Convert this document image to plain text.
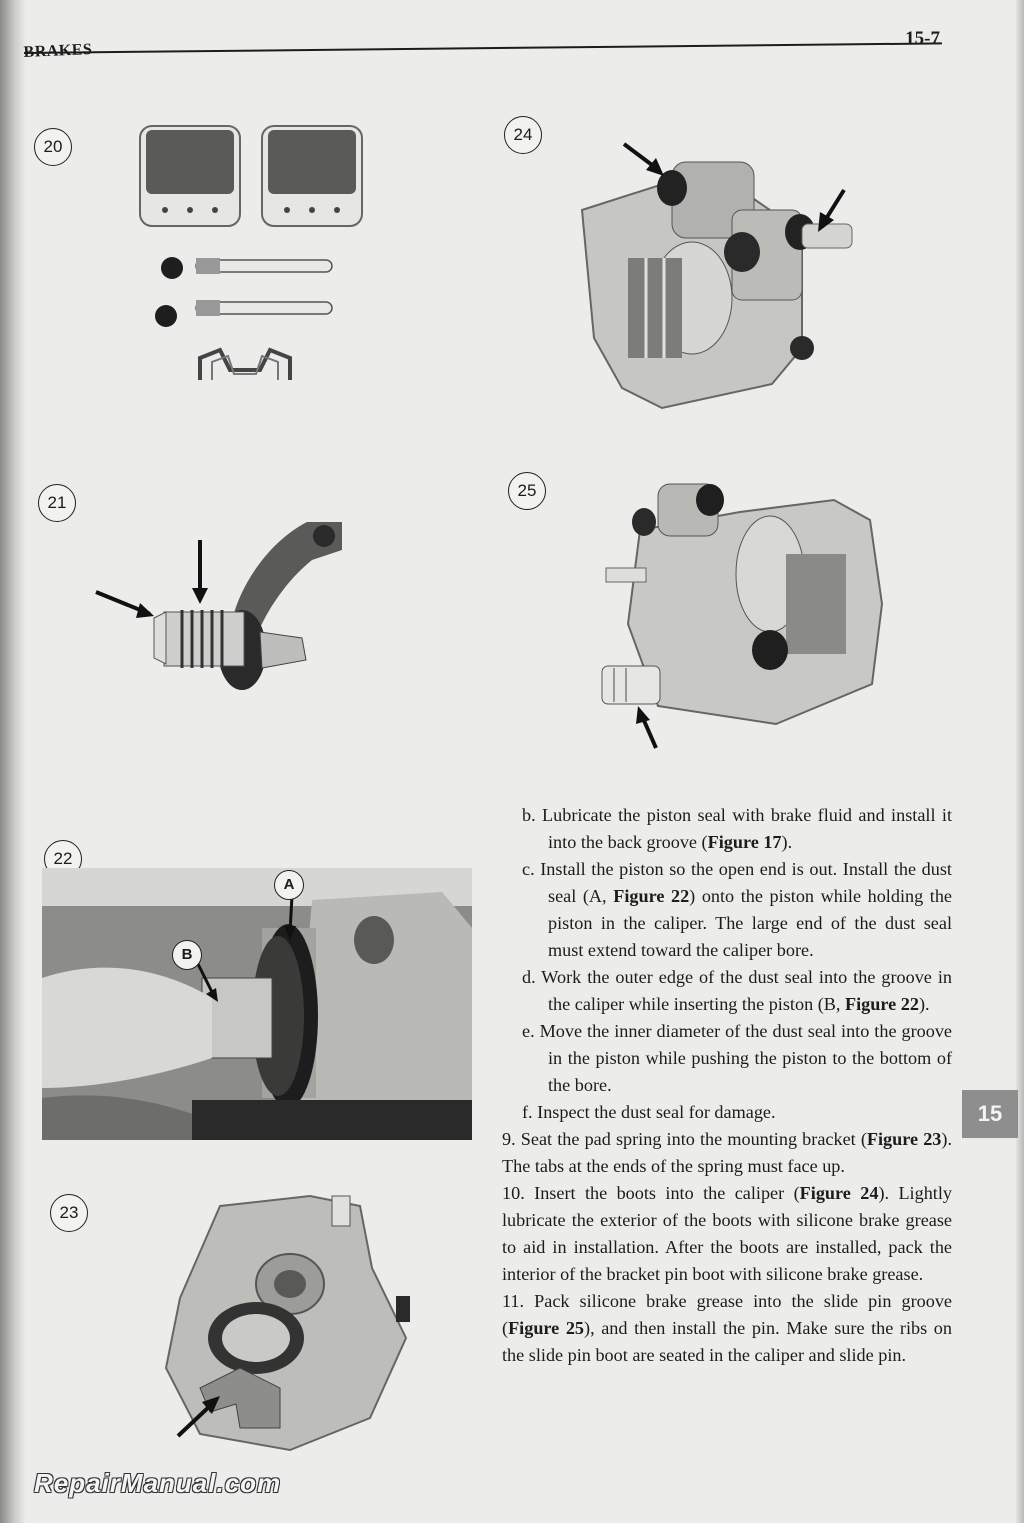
BRAKES
15-7
20
21
22
A
B
23
24
25

b. Lubricate the piston seal with brake fluid and install it into the back groove (Figure 17).

c. Install the piston so the open end is out. Install the dust seal (A, Figure 22) onto the piston while holding the piston in the caliper. The large end of the dust seal must extend toward the caliper bore.

d. Work the outer edge of the dust seal into the groove in the caliper while inserting the piston (B, Figure 22).

e. Move the inner diameter of the dust seal into the groove in the piston while pushing the piston to the bottom of the bore.

f. Inspect the dust seal for damage.

9. Seat the pad spring into the mounting bracket (Figure 23). The tabs at the ends of the spring must face up.

10. Insert the boots into the caliper (Figure 24). Lightly lubricate the exterior of the boots with silicone brake grease to aid in installation. After the boots are installed, pack the interior of the bracket pin boot with silicone brake grease.

11. Pack silicone brake grease into the slide pin groove (Figure 25), and then install the pin. Make sure the ribs on the slide pin boot are seated in the caliper and slide pin.

15
RepairManual.com
